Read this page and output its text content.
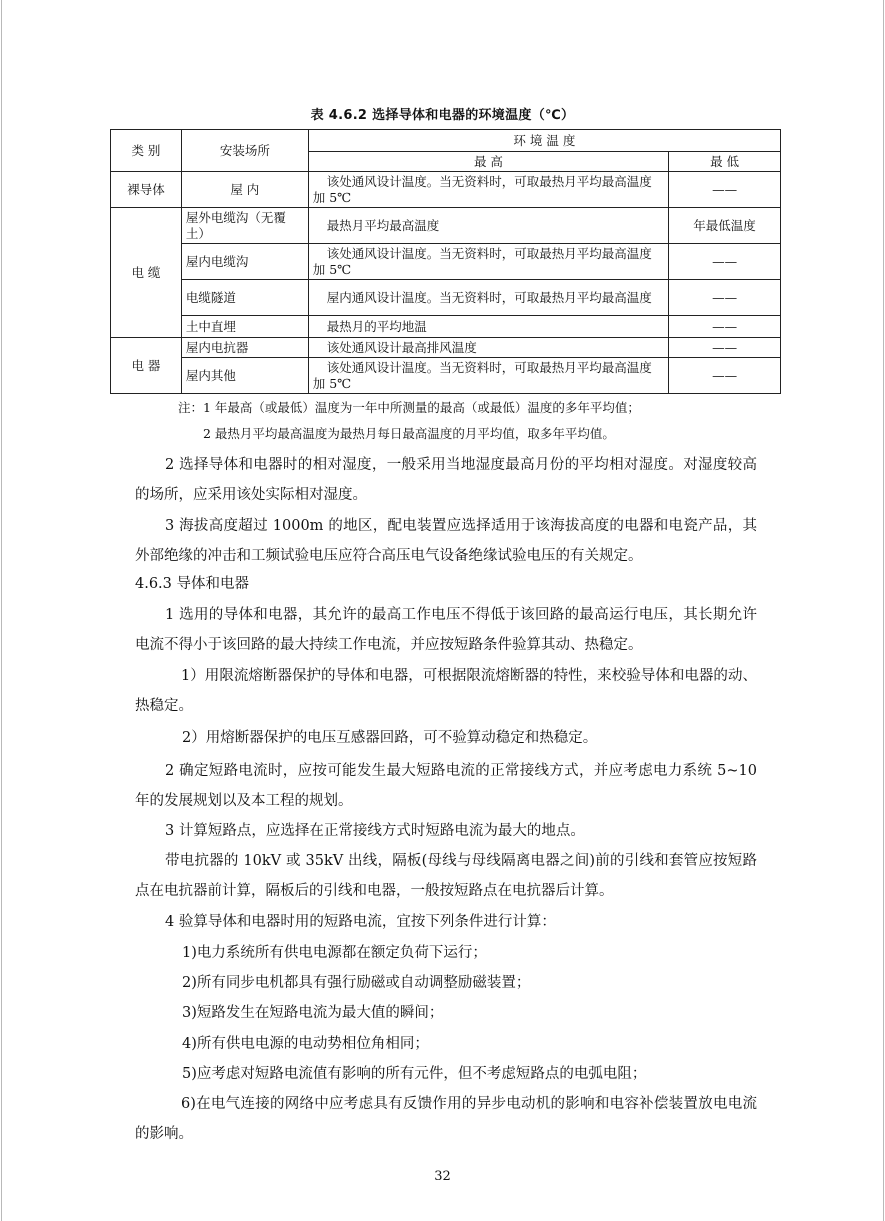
表 4.6.2 选择导体和电器的环境温度（℃）
类 别	安装场所	环 境 温 度	
		最 高	最 低
裸导体	屋 内	该处通风设计温度。当无资料时，可取最热月平均最高温度加 5℃	——
电 缆	屋外电缆沟（无覆土）	最热月平均最高温度	年最低温度
	屋内电缆沟	该处通风设计温度。当无资料时，可取最热月平均最高温度加 5℃	——
	电缆隧道	屋内通风设计温度。当无资料时，可取最热月平均最高温度	——
	土中直埋	最热月的平均地温	——
电 器	屋内电抗器	该处通风设计最高排风温度	——
	屋内其他	该处通风设计温度。当无资料时，可取最热月平均最高温度加 5℃	——
注：1 年最高（或最低）温度为一年中所测量的最高（或最低）温度的多年平均值；
2 最热月平均最高温度为最热月每日最高温度的月平均值，取多年平均值。
2 选择导体和电器时的相对湿度，一般采用当地湿度最高月份的平均相对湿度。对湿度较高的场所，应采用该处实际相对湿度。
3 海拔高度超过 1000m 的地区，配电装置应选择适用于该海拔高度的电器和电瓷产品，其外部绝缘的冲击和工频试验电压应符合高压电气设备绝缘试验电压的有关规定。
4.6.3 导体和电器
1 选用的导体和电器，其允许的最高工作电压不得低于该回路的最高运行电压，其长期允许电流不得小于该回路的最大持续工作电流，并应按短路条件验算其动、热稳定。
1）用限流熔断器保护的导体和电器，可根据限流熔断器的特性，来校验导体和电器的动、热稳定。
2）用熔断器保护的电压互感器回路，可不验算动稳定和热稳定。
2 确定短路电流时，应按可能发生最大短路电流的正常接线方式，并应考虑电力系统 5~10 年的发展规划以及本工程的规划。
3 计算短路点，应选择在正常接线方式时短路电流为最大的地点。
带电抗器的 10kV 或 35kV 出线，隔板(母线与母线隔离电器之间)前的引线和套管应按短路点在电抗器前计算，隔板后的引线和电器，一般按短路点在电抗器后计算。
4 验算导体和电器时用的短路电流，宜按下列条件进行计算：
1)电力系统所有供电电源都在额定负荷下运行；
2)所有同步电机都具有强行励磁或自动调整励磁装置；
3)短路发生在短路电流为最大值的瞬间；
4)所有供电电源的电动势相位角相同；
5)应考虑对短路电流值有影响的所有元件，但不考虑短路点的电弧电阻；
6)在电气连接的网络中应考虑具有反馈作用的异步电动机的影响和电容补偿装置放电电流的影响。
32
